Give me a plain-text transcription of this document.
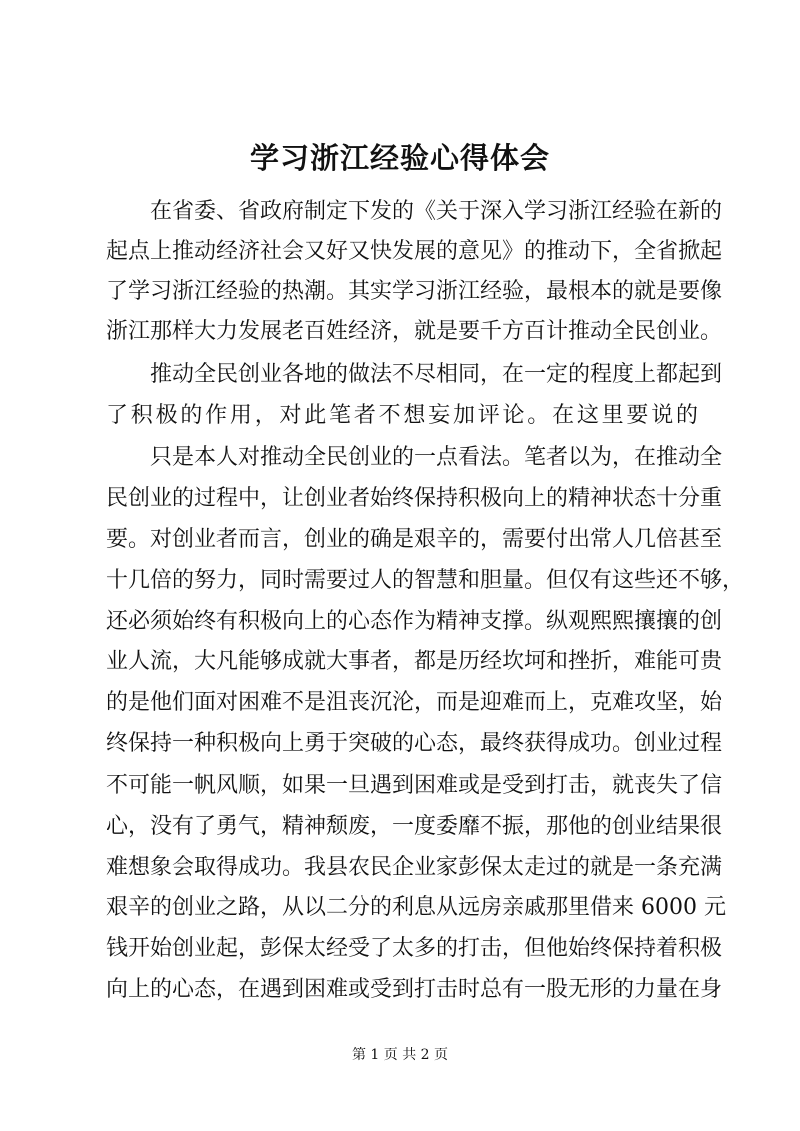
学习浙江经验心得体会
在省委、省政府制定下发的《关于深入学习浙江经验在新的
起点上推动经济社会又好又快发展的意见》的推动下，全省掀起
了学习浙江经验的热潮。其实学习浙江经验，最根本的就是要像
浙江那样大力发展老百姓经济，就是要千方百计推动全民创业。
推动全民创业各地的做法不尽相同，在一定的程度上都起到
了积极的作用，对此笔者不想妄加评论。在这里要说的
只是本人对推动全民创业的一点看法。笔者以为，在推动全
民创业的过程中，让创业者始终保持积极向上的精神状态十分重
要。对创业者而言，创业的确是艰辛的，需要付出常人几倍甚至
十几倍的努力，同时需要过人的智慧和胆量。但仅有这些还不够，
还必须始终有积极向上的心态作为精神支撑。纵观熙熙攘攘的创
业人流，大凡能够成就大事者，都是历经坎坷和挫折，难能可贵
的是他们面对困难不是沮丧沉沦，而是迎难而上，克难攻坚，始
终保持一种积极向上勇于突破的心态，最终获得成功。创业过程
不可能一帆风顺，如果一旦遇到困难或是受到打击，就丧失了信
心，没有了勇气，精神颓废，一度委靡不振，那他的创业结果很
难想象会取得成功。我县农民企业家彭保太走过的就是一条充满
艰辛的创业之路，从以二分的利息从远房亲戚那里借来 6000 元
钱开始创业起，彭保太经受了太多的打击，但他始终保持着积极
向上的心态，在遇到困难或受到打击时总有一股无形的力量在身
第 1 页 共 2 页
